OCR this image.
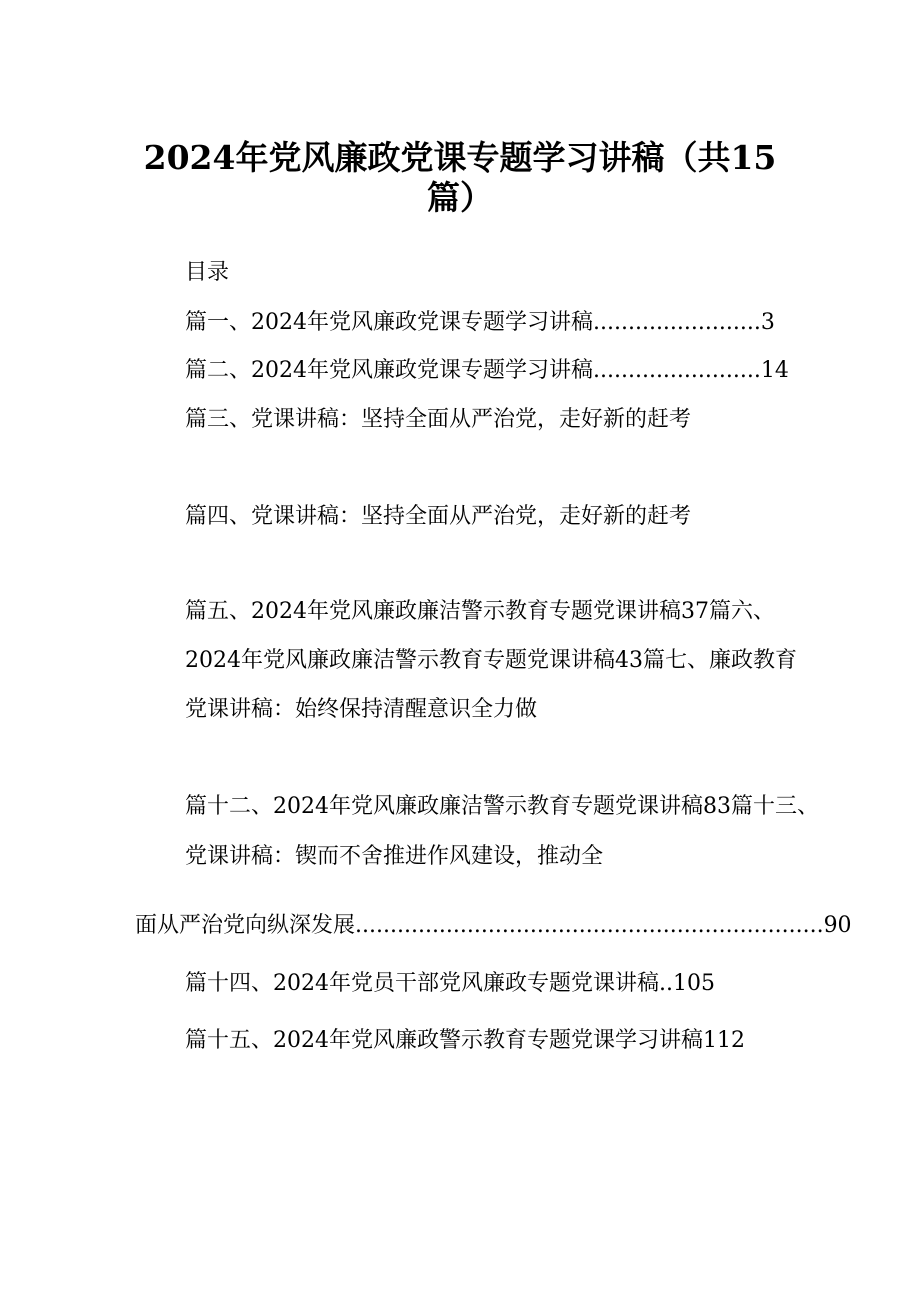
2024年党风廉政党课专题学习讲稿（共15
篇）
目录
篇一、2024年党风廉政党课专题学习讲稿........................3
篇二、2024年党风廉政党课专题学习讲稿........................14
篇三、党课讲稿：坚持全面从严治党，走好新的赶考
篇四、党课讲稿：坚持全面从严治党，走好新的赶考
篇五、2024年党风廉政廉洁警示教育专题党课讲稿37篇六、
2024年党风廉政廉洁警示教育专题党课讲稿43篇七、廉政教育
党课讲稿：始终保持清醒意识全力做
篇十二、2024年党风廉政廉洁警示教育专题党课讲稿83篇十三、
党课讲稿：锲而不舍推进作风建设，推动全
面从严治党向纵深发展...................................................................90
篇十四、2024年党员干部党风廉政专题党课讲稿..105
篇十五、2024年党风廉政警示教育专题党课学习讲稿112
